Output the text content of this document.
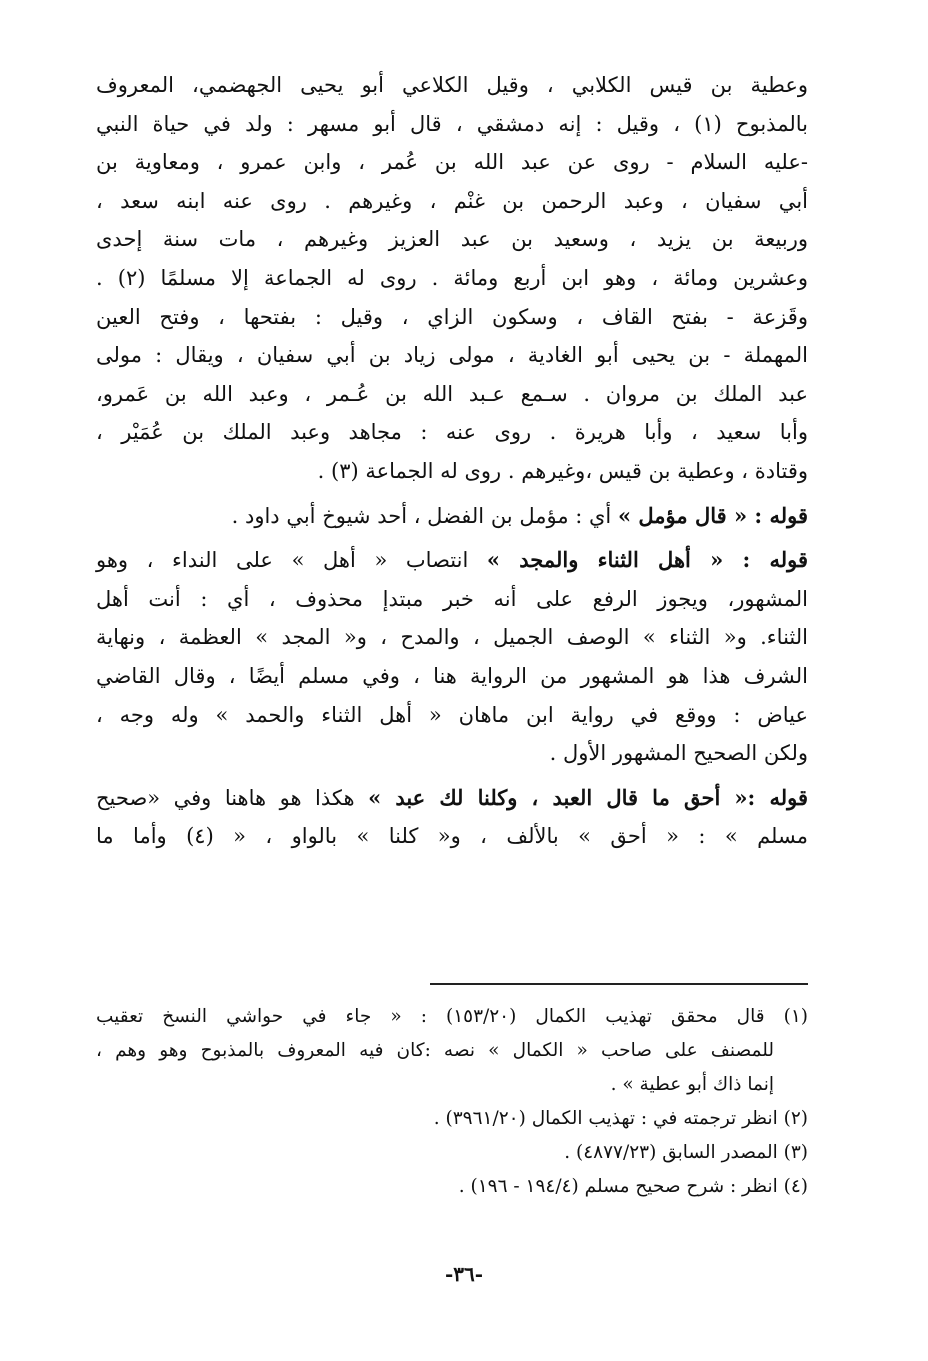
وعطية بن قيس الكلابي ، وقيل الكلاعي أبو يحيى الجهضمي، المعروف
بالمذبوح (١) ، وقيل : إنه دمشقي ، قال أبو مسهر : ولد في حياة النبي
-عليه السلام - روى عن عبد الله بن عُمر ، وابن عمرو ، ومعاوية بن
أبي سفيان ، وعبد الرحمن بن غنْم ، وغيرهم . روى عنه ابنه سعد ،
وربيعة بن يزيد ، وسعيد بن عبد العزيز وغيرهم ، مات سنة إحدى
وعشرين ومائة ، وهو ابن أربع ومائة . روى له الجماعة إلا مسلمًا (٢) .
وقَزعة - بفتح القاف ، وسكون الزاي ، وقيل : بفتحها ، وفتح العين
المهملة - بن يحيى أبو الغادية ، مولى زياد بن أبي سفيان ، ويقال : مولى
عبد الملك بن مروان . سـمع عـبد الله بن عُـمر ، وعبد الله بن عَمرو،
وأبا سعيد ، وأبا هريرة . روى عنه : مجاهد وعبد الملك بن عُمَيْر ،
وقتادة ، وعطية بن قيس ،وغيرهم . روى له الجماعة (٣) .
قوله : « قال مؤمل » أي : مؤمل بن الفضل ، أحد شيوخ أبي داود .
قوله : « أهل الثناء والمجد » انتصاب « أهل » على النداء ، وهو
المشهور، ويجوز الرفع على أنه خبر مبتدإ محذوف ، أي : أنت أهل
الثناء. و« الثناء » الوصف الجميل ، والمدح ، و« المجد » العظمة ، ونهاية
الشرف هذا هو المشهور من الرواية هنا ، وفي مسلم أيضًا ، وقال القاضي
عياض : ووقع في رواية ابن ماهان « أهل الثناء والحمد » وله وجه ،
ولكن الصحيح المشهور الأول .
قوله :« أحق ما قال العبد ، وكلنا لك عبد » هكذا هو هاهنا وفي «صحيح
مسلم » : « أحق » بالألف ، و« كلنا » بالواو ، « (٤) وأما ما
(١) قال محقق تهذيب الكمال (١٥٣/٢٠) : « جاء في حواشي النسخ تعقيب
للمصنف على صاحب « الكمال » نصه :كان فيه المعروف بالمذبوح وهو وهم ،
إنما ذاك أبو عطية » .
(٢) انظر ترجمته في : تهذيب الكمال (٣٩٦١/٢٠) .
(٣) المصدر السابق (٤٨٧٧/٢٣) .
(٤) انظر : شرح صحيح مسلم (١٩٤/٤ - ١٩٦) .
-٣٦-
